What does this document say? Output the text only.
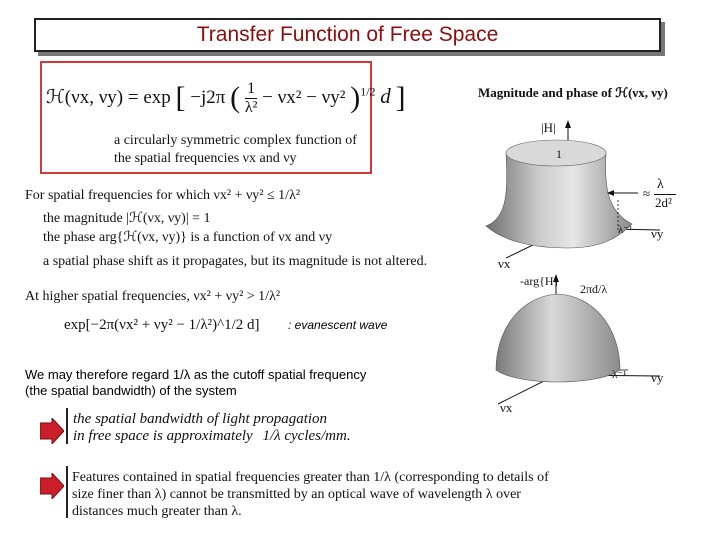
Transfer Function of Free Space
ℋ(νx, νy) = exp [ −j2π ( $\frac{1}{\text{λ²}} - \nu x^2 - \nu y^2$ )$^{1/2}$ d ]
a circularly symmetric complex function of
the spatial frequencies νx and νy
For spatial frequencies for which νx² + νy² ≤ 1/λ²
the magnitude |ℋ(νx, νy)| = 1
the phase arg{ℋ(νx, νy)} is a function of νx and νy
a spatial phase shift as it propagates, but its magnitude is not altered.
At higher spatial frequencies, νx² + νy² > 1/λ²
exp[−2π(νx² + νy² − 1/λ²)^1/2 d] : evanescent wave
We may therefore regard 1/λ as the cutoff spatial frequency
(the spatial bandwidth) of the system
the spatial bandwidth of light propagation
in free space is approximately 1/λ cycles/mm.
Features contained in spatial frequencies greater than 1/λ (corresponding to details of
size finer than λ) cannot be transmitted by an optical wave of wavelength λ over
distances much greater than λ.
Magnitude and phase of ℋ(νx, νy)
|H|
1
λ
≈
2d²
λ⁻¹ νy
νx
-arg{H}
2πd/λ
λ⁻¹ νy
νx
